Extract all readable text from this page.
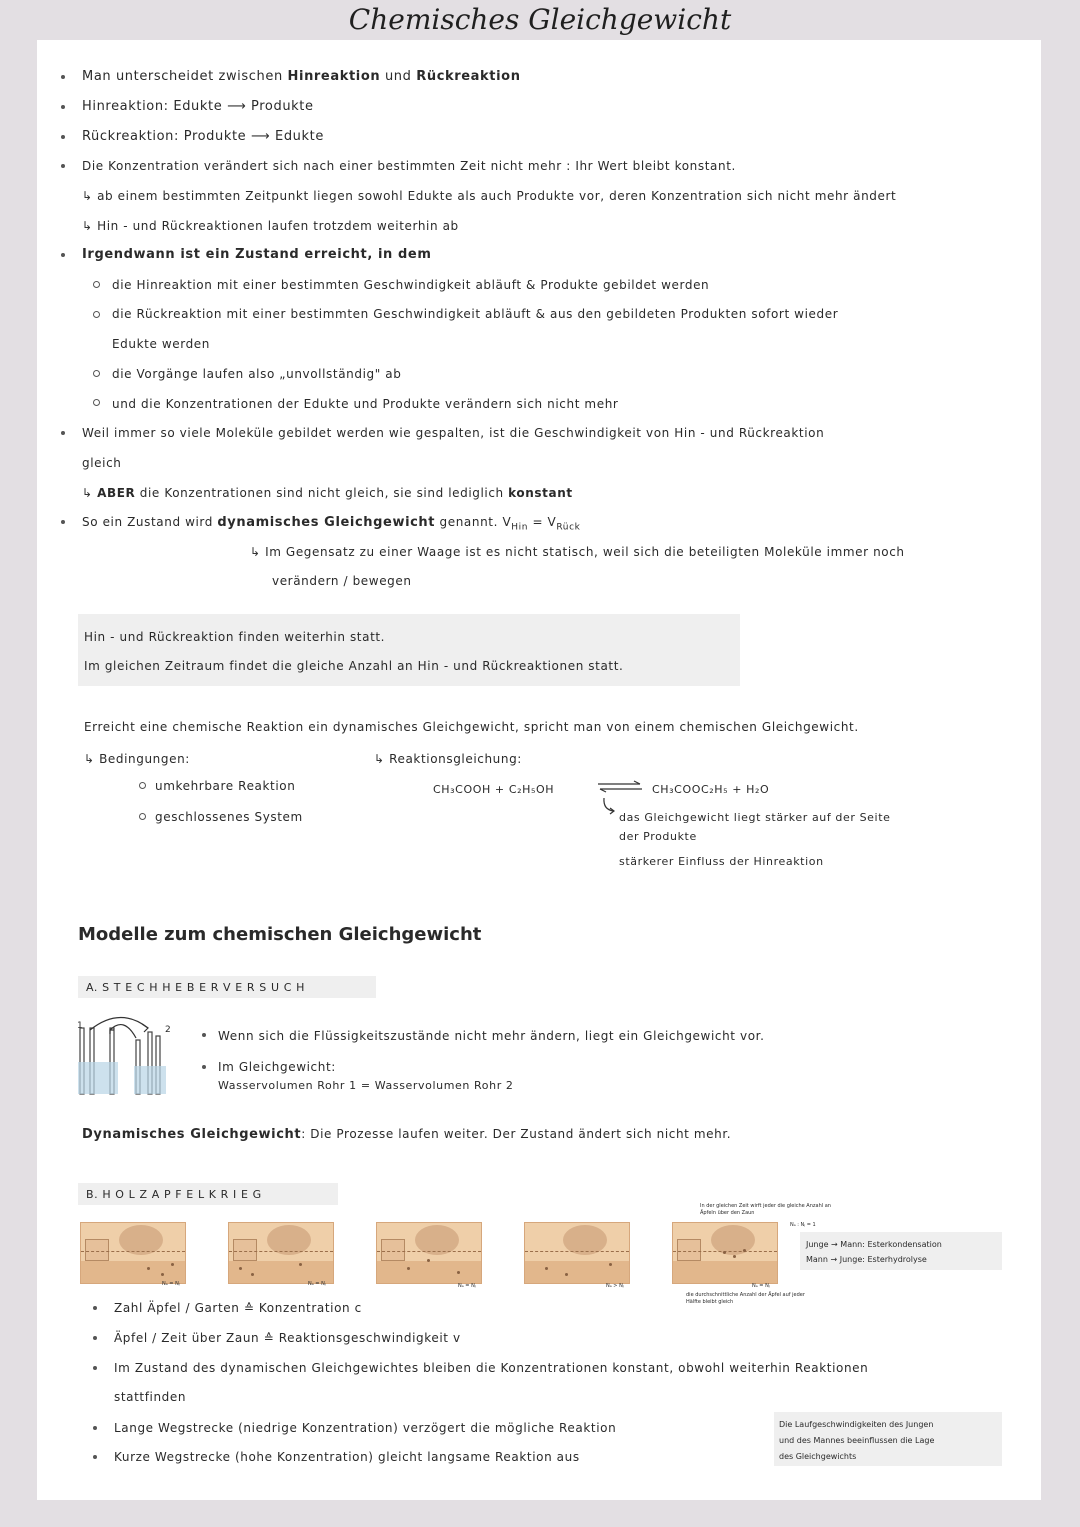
Chemisches Gleichgewicht
Man unterscheidet zwischen Hinreaktion und Rückreaktion
Hinreaktion: Edukte ⟶ Produkte
Rückreaktion: Produkte ⟶ Edukte
Die Konzentration verändert sich nach einer bestimmten Zeit nicht mehr : Ihr Wert bleibt konstant.
↳ ab einem bestimmten Zeitpunkt liegen sowohl Edukte als auch Produkte vor, deren Konzentration sich nicht mehr ändert
↳ Hin - und Rückreaktionen laufen trotzdem weiterhin ab
Irgendwann ist ein Zustand erreicht, in dem
die Hinreaktion mit einer bestimmten Geschwindigkeit abläuft & Produkte gebildet werden
die Rückreaktion mit einer bestimmten Geschwindigkeit abläuft & aus den gebildeten Produkten sofort wieder
Edukte werden
die Vorgänge laufen also „unvollständig" ab
und die Konzentrationen der Edukte und Produkte verändern sich nicht mehr
Weil immer so viele Moleküle gebildet werden wie gespalten, ist die Geschwindigkeit von Hin - und Rückreaktion
gleich
↳ ABER die Konzentrationen sind nicht gleich, sie sind lediglich konstant
So ein Zustand wird dynamisches Gleichgewicht genannt. $V_{Hin} = V_{Rück}$
↳ Im Gegensatz zu einer Waage ist es nicht statisch, weil sich die beteiligten Moleküle immer noch
verändern / bewegen
Hin - und Rückreaktion finden weiterhin statt.
Im gleichen Zeitraum findet die gleiche Anzahl an Hin - und Rückreaktionen statt.
Erreicht eine chemische Reaktion ein dynamisches Gleichgewicht, spricht man von einem chemischen Gleichgewicht.
↳ Bedingungen:
umkehrbare Reaktion
geschlossenes System
↳ Reaktionsgleichung:
CH₃COOH + C₂H₅OH	⇌ CH₃COOC₂H₅ + H₂O
das Gleichgewicht liegt stärker auf der Seite
der Produkte
stärkerer Einfluss der Hinreaktion
Modelle zum chemischen Gleichgewicht
A. S T E C H H E B E R V E R S U C H
1	2	Wenn sich die Flüssigkeitszustände nicht mehr ändern, liegt ein Gleichgewicht vor.
Im Gleichgewicht:
Wasservolumen Rohr 1 = Wasservolumen Rohr 2
Dynamisches Gleichgewicht: Die Prozesse laufen weiter. Der Zustand ändert sich nicht mehr.
B. H O L Z A P F E L K R I E G
Nₐ = Nⱼ	Nₐ = Nⱼ	Nₐ = Nⱼ	Nₐ > Nⱼ	Nₐ = Nⱼ
In der gleichen Zeit wirft jeder die gleiche Anzahl an Äpfeln über den Zaun
Nₐ : Nⱼ = 1
die durchschnittliche Anzahl der Äpfel auf jeder Hälfte bleibt gleich
Junge → Mann: Esterkondensation
Mann → Junge: Esterhydrolyse
Zahl Äpfel / Garten ≙ Konzentration c
Äpfel / Zeit über Zaun ≙ Reaktionsgeschwindigkeit v
Im Zustand des dynamischen Gleichgewichtes bleiben die Konzentrationen konstant, obwohl weiterhin Reaktionen
stattfinden
Lange Wegstrecke (niedrige Konzentration) verzögert die mögliche Reaktion
Kurze Wegstrecke (hohe Konzentration) gleicht langsame Reaktion aus
Die Laufgeschwindigkeiten des Jungen
und des Mannes beeinflussen die Lage
des Gleichgewichts
